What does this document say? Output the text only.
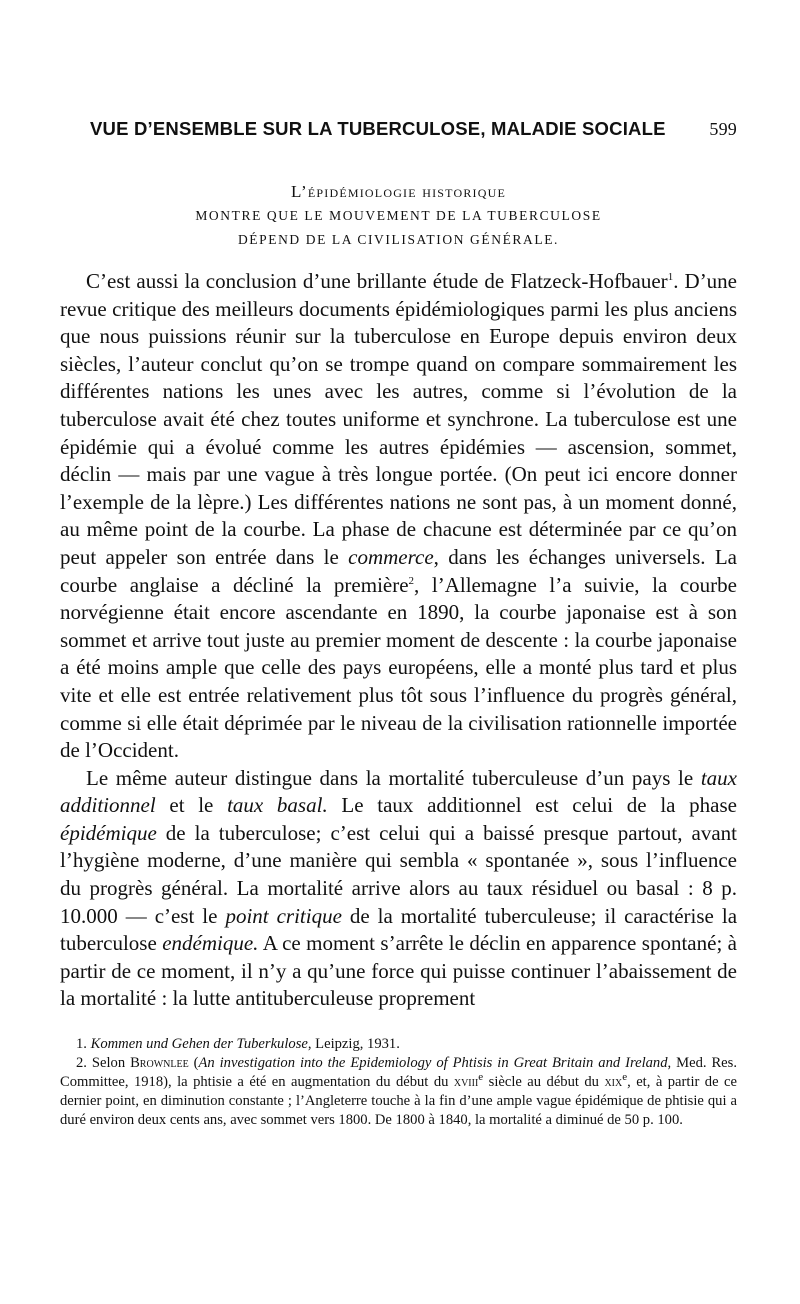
VUE D’ENSEMBLE SUR LA TUBERCULOSE, MALADIE SOCIALE 599
L’épidémiologie historique
MONTRE QUE LE MOUVEMENT DE LA TUBERCULOSE
DÉPEND DE LA CIVILISATION GÉNÉRALE.

C’est aussi la conclusion d’une brillante étude de Flatzeck-Hofbauer$^1$. D’une revue critique des meilleurs documents épidémiologiques parmi les plus anciens que nous puissions réunir sur la tuberculose en Europe depuis environ deux siècles, l’auteur conclut qu’on se trompe quand on compare sommairement les différentes nations les unes avec les autres, comme si l’évolution de la tuberculose avait été chez toutes uniforme et synchrone. La tuberculose est une épidémie qui a évolué comme les autres épidémies — ascension, sommet, déclin — mais par une vague à très longue portée. (On peut ici encore donner l’exemple de la lèpre.) Les différentes nations ne sont pas, à un moment donné, au même point de la courbe. La phase de chacune est déterminée par ce qu’on peut appeler son entrée dans le commerce, dans les échanges universels. La courbe anglaise a décliné la première$^2$, l’Allemagne l’a suivie, la courbe norvégienne était encore ascendante en 1890, la courbe japonaise est à son sommet et arrive tout juste au premier moment de descente : la courbe japonaise a été moins ample que celle des pays européens, elle a monté plus tard et plus vite et elle est entrée relativement plus tôt sous l’influence du progrès général, comme si elle était déprimée par le niveau de la civilisation rationnelle importée de l’Occident.

Le même auteur distingue dans la mortalité tuberculeuse d’un pays le taux additionnel et le taux basal. Le taux additionnel est celui de la phase épidémique de la tuberculose; c’est celui qui a baissé presque partout, avant l’hygiène moderne, d’une manière qui sembla « spontanée », sous l’influence du progrès général. La mortalité arrive alors au taux résiduel ou basal : 8 p. 10.000 — c’est le point critique de la mortalité tuberculeuse; il caractérise la tuberculose endémique. A ce moment s’arrête le déclin en apparence spontané; à partir de ce moment, il n’y a qu’une force qui puisse continuer l’abaissement de la mortalité : la lutte antituberculeuse proprement

1. Kommen und Gehen der Tuberkulose, Leipzig, 1931.

2. Selon Brownlee (An investigation into the Epidemiology of Phtisis in Great Britain and Ireland, Med. Res. Committee, 1918), la phtisie a été en augmentation du début du xviii$^e$ siècle au début du xix$^e$, et, à partir de ce dernier point, en diminution constante ; l’Angleterre touche à la fin d’une ample vague épidémique de phtisie qui a duré environ deux cents ans, avec sommet vers 1800. De 1800 à 1840, la mortalité a diminué de 50 p. 100.
